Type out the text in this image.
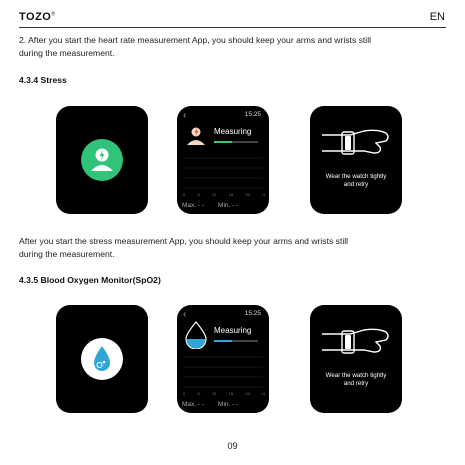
TOZO®	EN
2. After you start the heart rate measurement App, you should keep your arms and wrists still
during the measurement.
4.3.4 Stress
‹	15:25
Measuring
0	6	12	18	24	H
Max. - - Min. - -
Wear the watch tightly
and retry
After you start the stress measurement App, you should keep your arms and wrists still
during the measurement.
4.3.5 Blood Oxygen Monitor(SpO2)
‹	15:25
Measuring
0	6	12	18	24	H
Max. - - Min. - -
Wear the watch tightly
and retry
09
